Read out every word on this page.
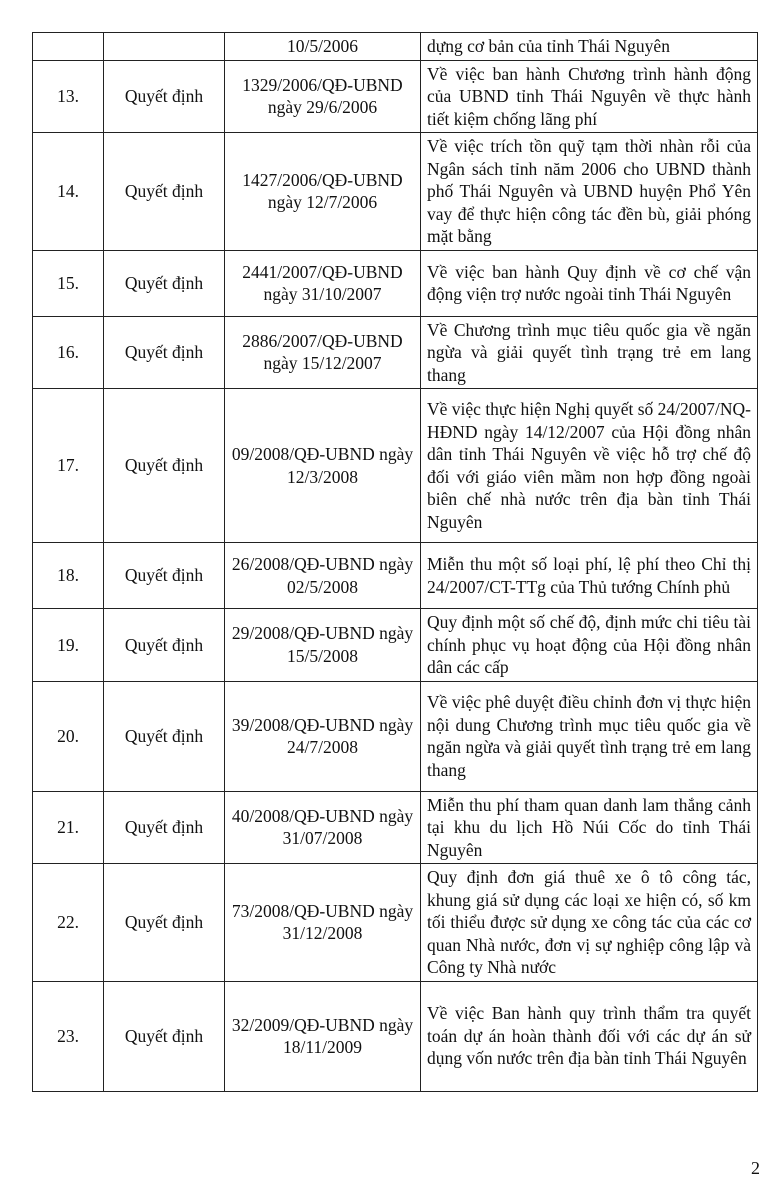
		10/5/2006	dựng cơ bản của tỉnh Thái Nguyên
13.	Quyết định	1329/2006/QĐ-UBND ngày 29/6/2006	Về việc ban hành Chương trình hành động của UBND tỉnh Thái Nguyên về thực hành tiết kiệm chống lãng phí
14.	Quyết định	1427/2006/QĐ-UBND ngày 12/7/2006	Về việc trích tồn quỹ tạm thời nhàn rỗi của Ngân sách tỉnh năm 2006 cho UBND thành phố Thái Nguyên và UBND huyện Phổ Yên vay để thực hiện công tác đền bù, giải phóng mặt bằng
15.	Quyết định	2441/2007/QĐ-UBND ngày 31/10/2007	Về việc ban hành Quy định về cơ chế vận động viện trợ nước ngoài tỉnh Thái Nguyên
16.	Quyết định	2886/2007/QĐ-UBND ngày 15/12/2007	Về Chương trình mục tiêu quốc gia về ngăn ngừa và giải quyết tình trạng trẻ em lang thang
17.	Quyết định	09/2008/QĐ-UBND ngày 12/3/2008	Về việc thực hiện Nghị quyết số 24/2007/NQ-HĐND ngày 14/12/2007 của Hội đồng nhân dân tỉnh Thái Nguyên về việc hỗ trợ chế độ đối với giáo viên mầm non hợp đồng ngoài biên chế nhà nước trên địa bàn tỉnh Thái Nguyên
18.	Quyết định	26/2008/QĐ-UBND ngày 02/5/2008	Miễn thu một số loại phí, lệ phí theo Chỉ thị 24/2007/CT-TTg của Thủ tướng Chính phủ
19.	Quyết định	29/2008/QĐ-UBND ngày 15/5/2008	Quy định một số chế độ, định mức chi tiêu tài chính phục vụ hoạt động của Hội đồng nhân dân các cấp
20.	Quyết định	39/2008/QĐ-UBND ngày 24/7/2008	Về việc phê duyệt điều chỉnh đơn vị thực hiện nội dung Chương trình mục tiêu quốc gia về ngăn ngừa và giải quyết tình trạng trẻ em lang thang
21.	Quyết định	40/2008/QĐ-UBND ngày 31/07/2008	Miễn thu phí tham quan danh lam thắng cảnh tại khu du lịch Hồ Núi Cốc do tỉnh Thái Nguyên
22.	Quyết định	73/2008/QĐ-UBND ngày 31/12/2008	Quy định đơn giá thuê xe ô tô công tác, khung giá sử dụng các loại xe hiện có, số km tối thiểu được sử dụng xe công tác của các cơ quan Nhà nước, đơn vị sự nghiệp công lập và Công ty Nhà nước
23.	Quyết định	32/2009/QĐ-UBND ngày 18/11/2009	Về việc Ban hành quy trình thẩm tra quyết toán dự án hoàn thành đối với các dự án sử dụng vốn nước trên địa bàn tỉnh Thái Nguyên
2
